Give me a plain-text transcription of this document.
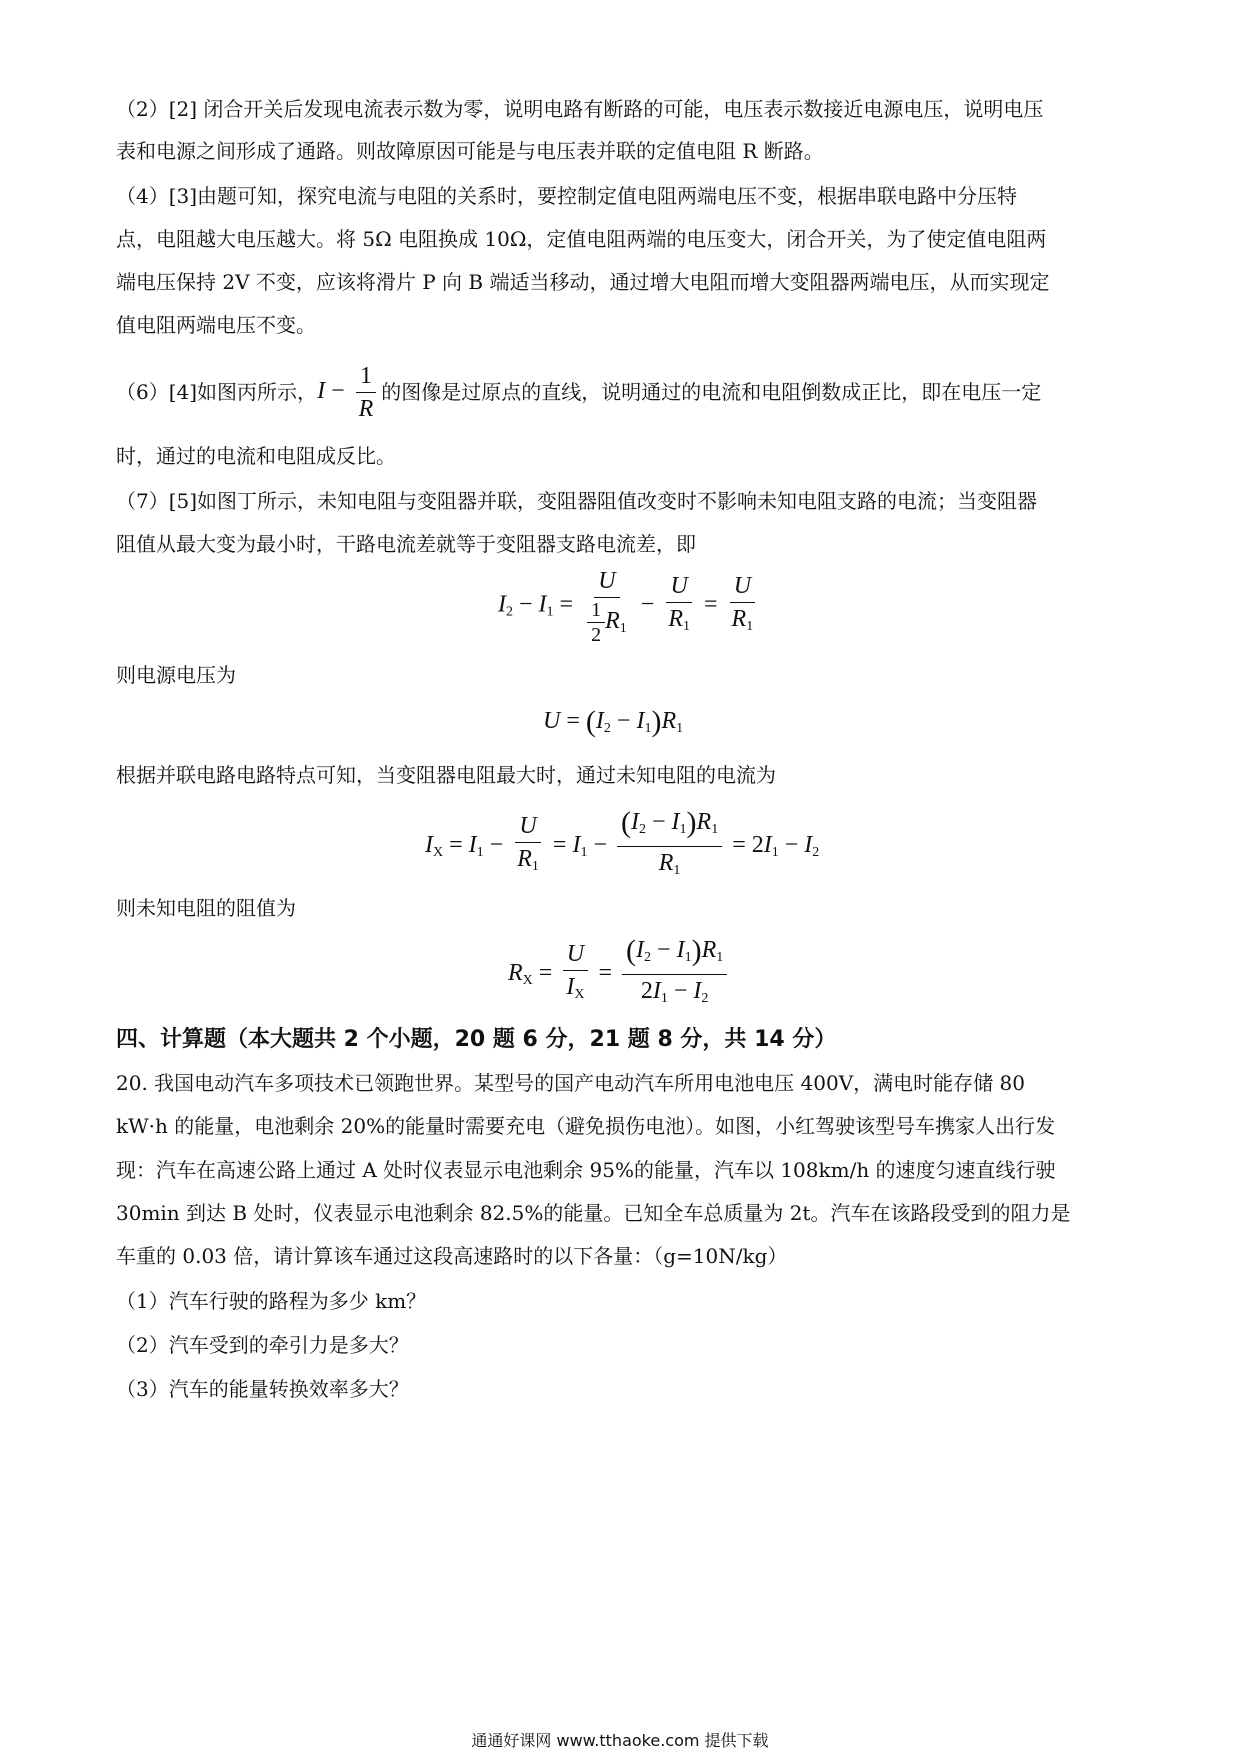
（2）[2] 闭合开关后发现电流表示数为零，说明电路有断路的可能，电压表示数接近电源电压，说明电压

表和电源之间形成了通路。则故障原因可能是与电压表并联的定值电阻 R 断路。

（4）[3]由题可知，探究电流与电阻的关系时，要控制定值电阻两端电压不变，根据串联电路中分压特

点，电阻越大电压越大。将 5Ω 电阻换成 10Ω，定值电阻两端的电压变大，闭合开关，为了使定值电阻两

端电压保持 2V 不变，应该将滑片 P 向 B 端适当移动，通过增大电阻而增大变阻器两端电压，从而实现定

值电阻两端电压不变。

（6）[4]如图丙所示， $I - \frac{1}{R}$ 的图像是过原点的直线，说明通过的电流和电阻倒数成正比，即在电压一定

时，通过的电流和电阻成反比。

（7）[5]如图丁所示，未知电阻与变阻器并联，变阻器阻值改变时不影响未知电阻支路的电流；当变阻器

阻值从最大变为最小时，干路电流差就等于变阻器支路电流差，即

$I_2 - I_1 = \frac{U}{\frac{1}{2} R_1} - \frac{U}{R_1} = \frac{U}{R_1}$

则电源电压为

$U = (I_2 - I_1)R_1$

根据并联电路电路特点可知，当变阻器电阻最大时，通过未知电阻的电流为

$I_X = I_1 - \frac{U}{R_1} = I_1 - \frac{(I_2 - I_1)R_1}{R_1} = 2I_1 - I_2$

则未知电阻的阻值为

$R_X = \frac{U}{I_X} = \frac{(I_2 - I_1)R_1}{2I_1 - I_2}$
四、计算题（本大题共 2 个小题，20 题 6 分，21 题 8 分，共 14 分）

20. 我国电动汽车多项技术已领跑世界。某型号的国产电动汽车所用电池电压 400V，满电时能存储 80

kW·h 的能量，电池剩余 20%的能量时需要充电（避免损伤电池）。如图，小红驾驶该型号车携家人出行发

现：汽车在高速公路上通过 A 处时仪表显示电池剩余 95%的能量，汽车以 108km/h 的速度匀速直线行驶

30min 到达 B 处时，仪表显示电池剩余 82.5%的能量。已知全车总质量为 2t。汽车在该路段受到的阻力是

车重的 0.03 倍，请计算该车通过这段高速路时的以下各量：（g=10N/kg）

（1）汽车行驶的路程为多少 km？

（2）汽车受到的牵引力是多大？

（3）汽车的能量转换效率多大？

通通好课网 www.tthaoke.com 提供下载
